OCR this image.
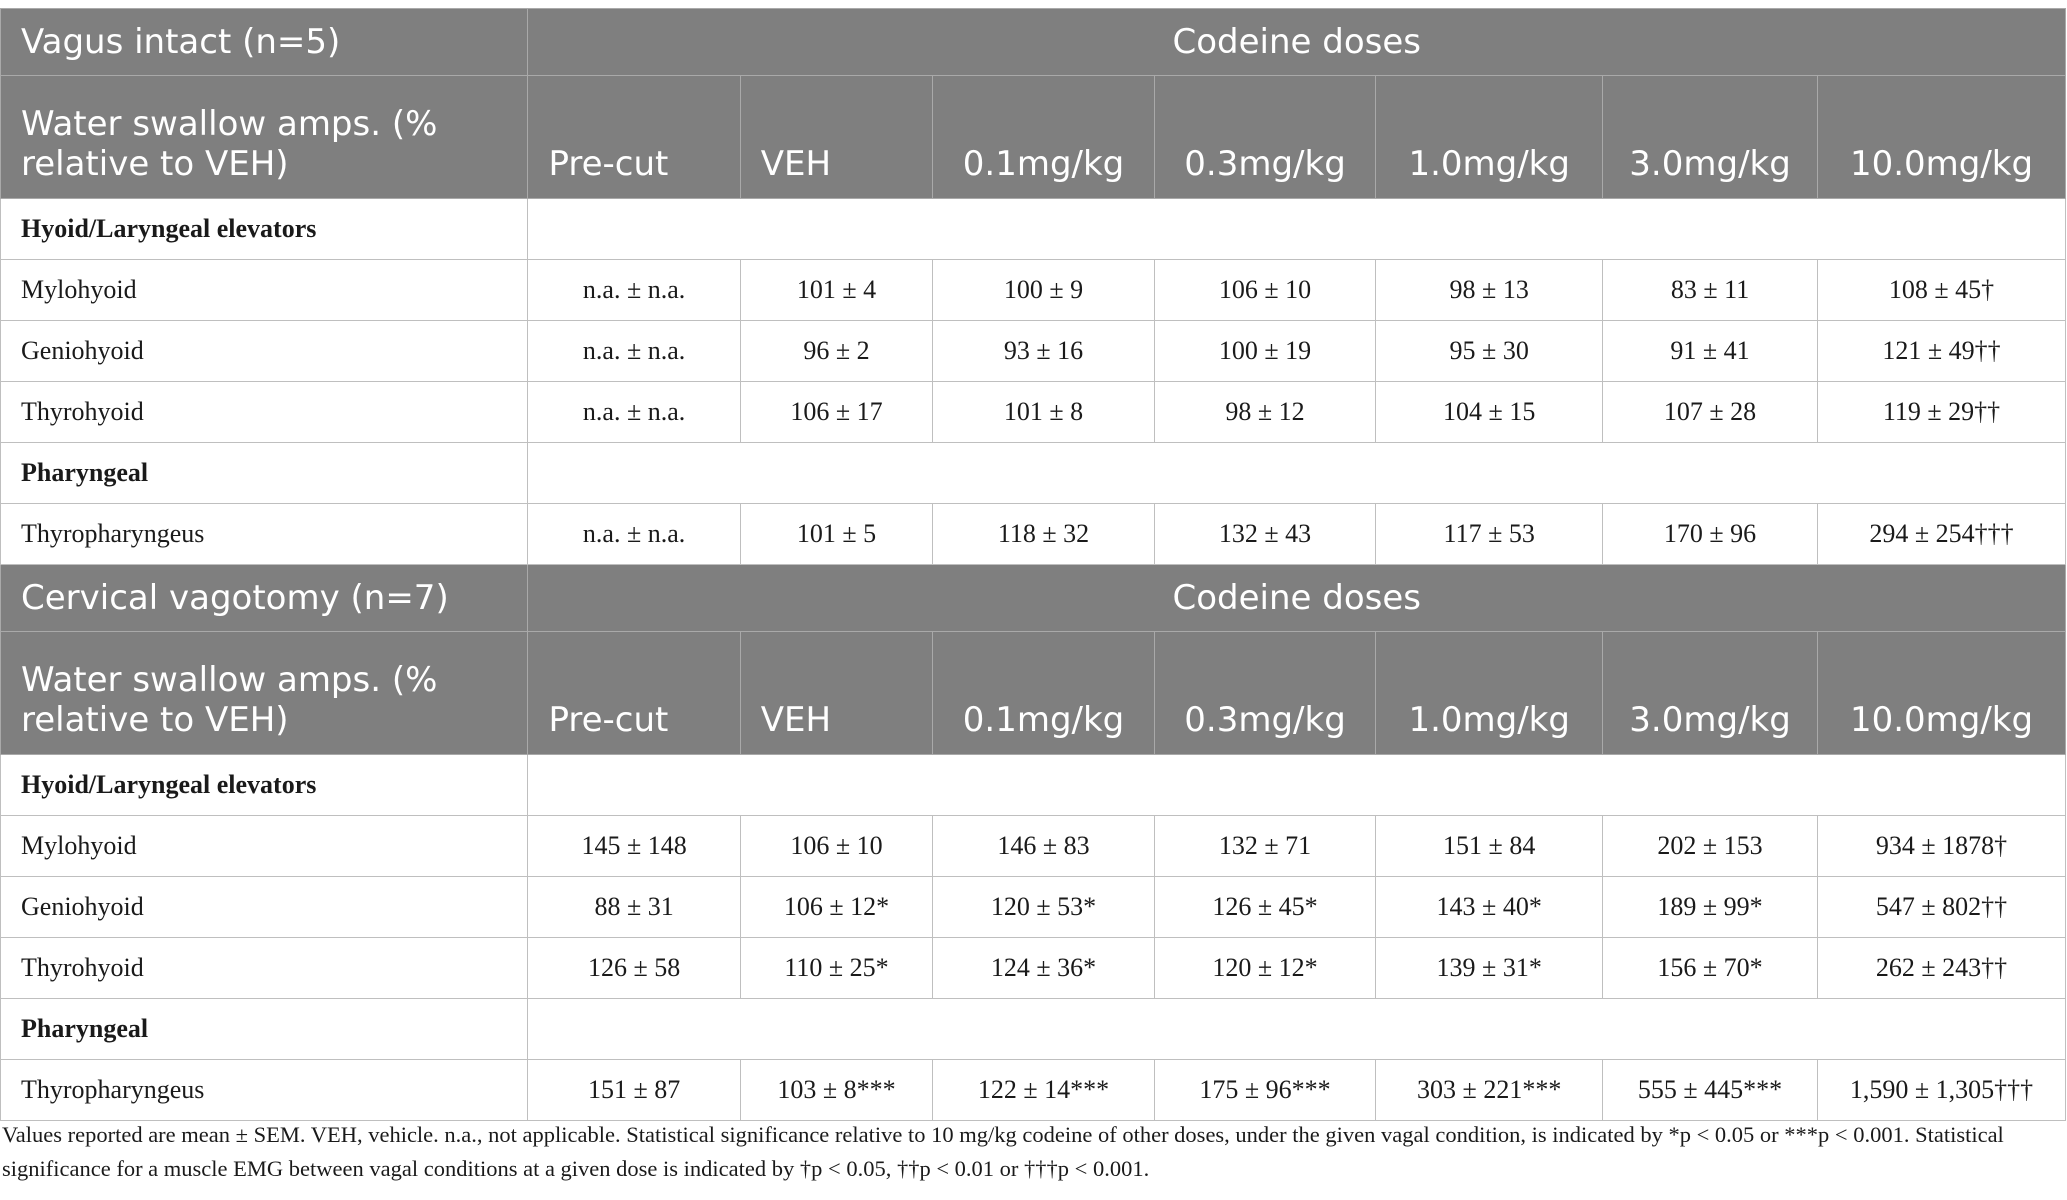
Vagus intact (n=5)	Codeine doses						
Water swallow amps. (% relative to VEH)	Pre-cut	VEH	0.1mg/kg	0.3mg/kg	1.0mg/kg	3.0mg/kg	10.0mg/kg
Hyoid/Laryngeal elevators							
Mylohyoid	n.a. ± n.a.	101 ± 4	100 ± 9	106 ± 10	98 ± 13	83 ± 11	108 ± 45†
Geniohyoid	n.a. ± n.a.	96 ± 2	93 ± 16	100 ± 19	95 ± 30	91 ± 41	121 ± 49††
Thyrohyoid	n.a. ± n.a.	106 ± 17	101 ± 8	98 ± 12	104 ± 15	107 ± 28	119 ± 29††
Pharyngeal							
Thyropharyngeus	n.a. ± n.a.	101 ± 5	118 ± 32	132 ± 43	117 ± 53	170 ± 96	294 ± 254†††
Cervical vagotomy (n=7)	Codeine doses						
Water swallow amps. (% relative to VEH)	Pre-cut	VEH	0.1mg/kg	0.3mg/kg	1.0mg/kg	3.0mg/kg	10.0mg/kg
Hyoid/Laryngeal elevators							
Mylohyoid	145 ± 148	106 ± 10	146 ± 83	132 ± 71	151 ± 84	202 ± 153	934 ± 1878†
Geniohyoid	88 ± 31	106 ± 12*	120 ± 53*	126 ± 45*	143 ± 40*	189 ± 99*	547 ± 802††
Thyrohyoid	126 ± 58	110 ± 25*	124 ± 36*	120 ± 12*	139 ± 31*	156 ± 70*	262 ± 243††
Pharyngeal							
Thyropharyngeus	151 ± 87	103 ± 8***	122 ± 14***	175 ± 96***	303 ± 221***	555 ± 445***	1,590 ± 1,305†††
Values reported are mean ± SEM. VEH, vehicle. n.a., not applicable. Statistical significance relative to 10 mg/kg codeine of other doses, under the given vagal condition, is indicated by *p < 0.05 or ***p < 0.001. Statistical significance for a muscle EMG between vagal conditions at a given dose is indicated by †p < 0.05, ††p < 0.01 or †††p < 0.001.
